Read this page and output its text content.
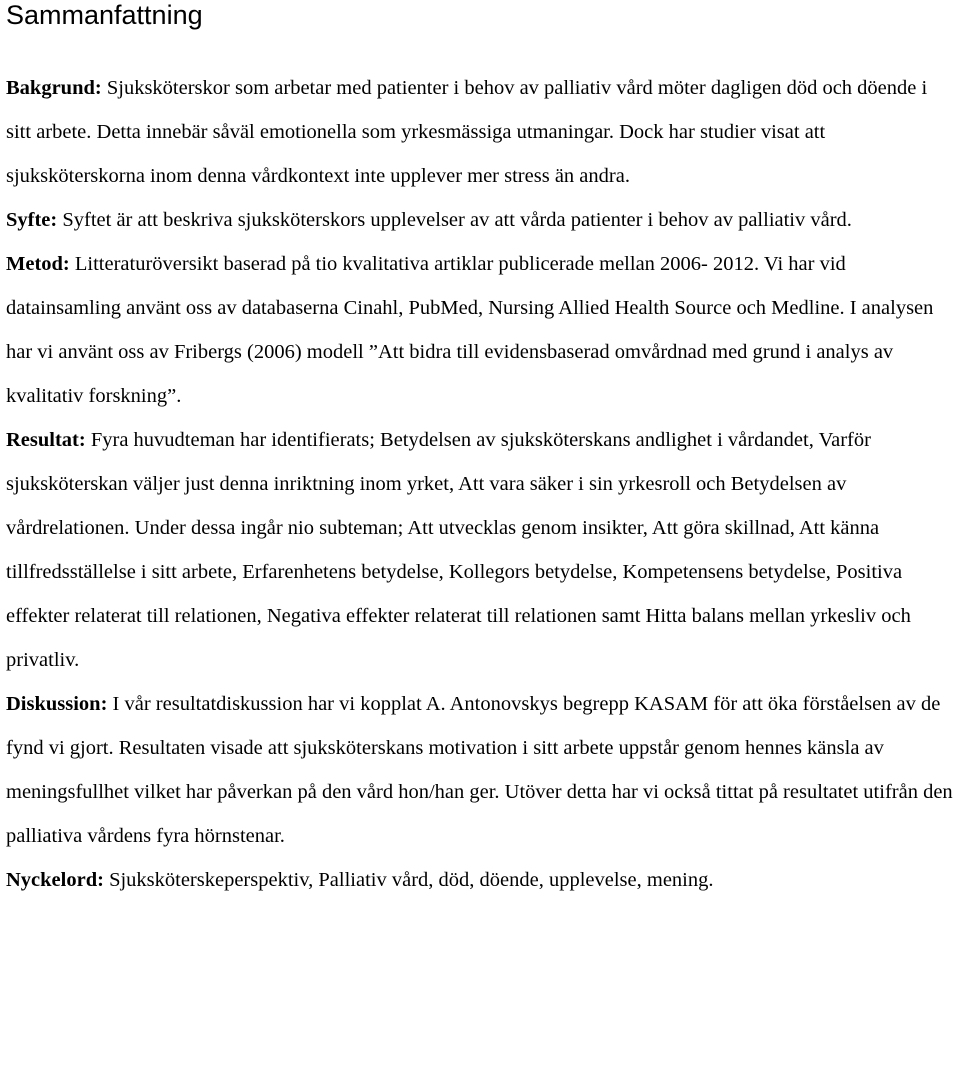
Sammanfattning

Bakgrund: Sjuksköterskor som arbetar med patienter i behov av palliativ vård möter dagligen död och döende i sitt arbete. Detta innebär såväl emotionella som yrkesmässiga utmaningar. Dock har studier visat att sjuksköterskorna inom denna vårdkontext inte upplever mer stress än andra.

Syfte: Syftet är att beskriva sjuksköterskors upplevelser av att vårda patienter i behov av palliativ vård.

Metod: Litteraturöversikt baserad på tio kvalitativa artiklar publicerade mellan 2006- 2012. Vi har vid datainsamling använt oss av databaserna Cinahl, PubMed, Nursing Allied Health Source och Medline. I analysen har vi använt oss av Fribergs (2006) modell ”Att bidra till evidensbaserad omvårdnad med grund i analys av kvalitativ forskning”.

Resultat: Fyra huvudteman har identifierats; Betydelsen av sjuksköterskans andlighet i vårdandet, Varför sjuksköterskan väljer just denna inriktning inom yrket, Att vara säker i sin yrkesroll och Betydelsen av vårdrelationen. Under dessa ingår nio subteman; Att utvecklas genom insikter, Att göra skillnad, Att känna tillfredsställelse i sitt arbete, Erfarenhetens betydelse, Kollegors betydelse, Kompetensens betydelse, Positiva effekter relaterat till relationen, Negativa effekter relaterat till relationen samt Hitta balans mellan yrkesliv och privatliv.

Diskussion: I vår resultatdiskussion har vi kopplat A. Antonovskys begrepp KASAM för att öka förståelsen av de fynd vi gjort. Resultaten visade att sjuksköterskans motivation i sitt arbete uppstår genom hennes känsla av meningsfullhet vilket har påverkan på den vård hon/han ger. Utöver detta har vi också tittat på resultatet utifrån den palliativa vårdens fyra hörnstenar.

Nyckelord: Sjuksköterskeperspektiv, Palliativ vård, död, döende, upplevelse, mening.
